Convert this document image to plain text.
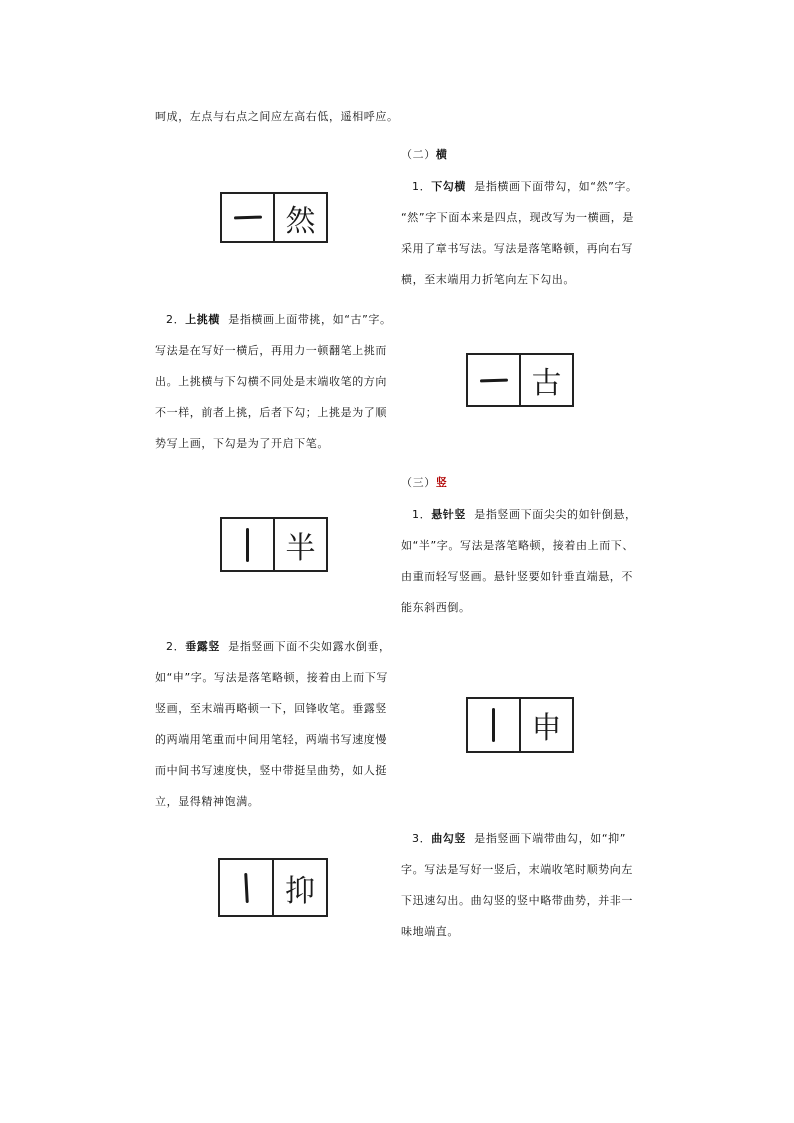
呵成，左点与右点之间应左高右低，遥相呼应。
（二）横
1．下勾横 是指横画下面带勾，如“然”字。
“然”字下面本来是四点，现改写为一横画，是
采用了章书写法。写法是落笔略顿，再向右写
横，至末端用力折笔向左下勾出。
然
2．上挑横 是指横画上面带挑，如“古”字。
写法是在写好一横后，再用力一顿翻笔上挑而
出。上挑横与下勾横不同处是末端收笔的方向
不一样，前者上挑，后者下勾；上挑是为了顺
势写上画，下勾是为了开启下笔。
古
（三）竖
1．悬针竖 是指竖画下面尖尖的如针倒悬，
如“半”字。写法是落笔略顿，接着由上而下、
由重而轻写竖画。悬针竖要如针垂直端悬，不
能东斜西倒。
半
2．垂露竖 是指竖画下面不尖如露水倒垂，
如“申”字。写法是落笔略顿，接着由上而下写
竖画，至末端再略顿一下，回锋收笔。垂露竖
的两端用笔重而中间用笔轻，两端书写速度慢
而中间书写速度快，竖中带挺呈曲势，如人挺
立，显得精神饱满。
申
3．曲勾竖 是指竖画下端带曲勾，如“抑”
字。写法是写好一竖后，末端收笔时顺势向左
下迅速勾出。曲勾竖的竖中略带曲势，并非一
味地端直。
抑
